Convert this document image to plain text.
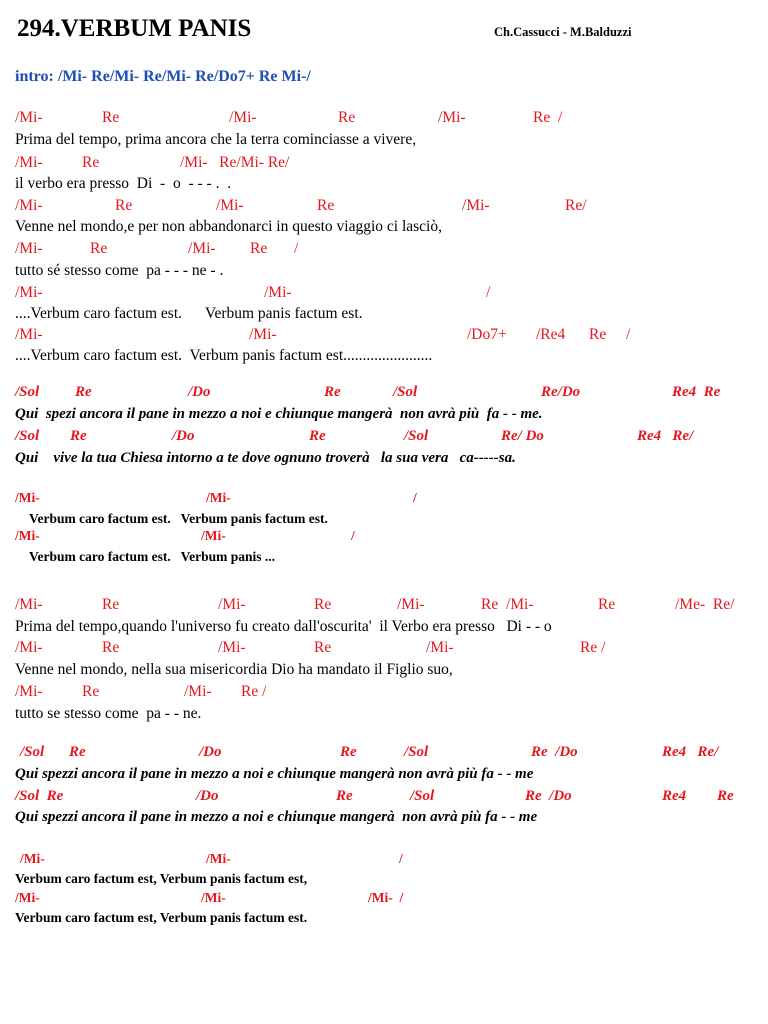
294.VERBUM PANIS	Ch.Cassucci - M.Balduzzi
intro: /Mi- Re/Mi- Re/Mi- Re/Do7+ Re Mi-/
/Mi-	Re	/Mi-	Re	/Mi-	Re  /
Prima del tempo, prima ancora che la terra cominciasse a vivere,
/Mi-	Re	/Mi-   Re/Mi- Re/
il verbo era presso  Di  -  o  - - - .  .
/Mi-	Re	/Mi-	Re	/Mi-	Re/
Venne nel mondo,e per non abbandonarci in questo viaggio ci lasciò,
/Mi-	Re	/Mi- Re /
tutto sé stesso come  pa - - - ne - .
/Mi-	/Mi-	/
....Verbum caro factum est.      Verbum panis factum est.
/Mi-	/Mi-	/Do7+ /Re4 Re /
....Verbum caro factum est.  Verbum panis factum est.......................
/Sol Re	/Do	Re	/Sol	Re/Do	Re4  Re
Qui  spezi ancora il pane in mezzo a noi e chiunque mangerà  non avrà più  fa - - me.
/Sol Re	/Do	Re	/Sol	Re/ Do	Re4   Re/
Qui    vive la tua Chiesa intorno a te dove ognuno troverà   la sua vera   ca-----sa.
/Mi-	/Mi-	/
Verbum caro factum est.   Verbum panis factum est.
/Mi-	/Mi-	/
Verbum caro factum est.   Verbum panis ...
/Mi-	Re	/Mi-	Re	/Mi-	Re  /Mi-	Re	/Me-  Re/
Prima del tempo,quando l'universo fu creato dall'oscurita'  il Verbo era presso   Di - - o
/Mi-	Re	/Mi-	Re	/Mi-	Re /
Venne nel mondo, nella sua misericordia Dio ha mandato il Figlio suo,
/Mi-	Re	/Mi- Re /
tutto se stesso come  pa - - ne.
/Sol Re	/Do	Re	/Sol	Re  /Do	Re4   Re/
Qui spezzi ancora il pane in mezzo a noi e chiunque mangerà non avrà più fa - - me
/Sol  Re	/Do	Re	/Sol	Re  /Do	Re4 Re
Qui spezzi ancora il pane in mezzo a noi e chiunque mangerà  non avrà più fa - - me
/Mi-	/Mi-	/
Verbum caro factum est, Verbum panis factum est,
/Mi-	/Mi-	/Mi-  /
Verbum caro factum est, Verbum panis factum est.
